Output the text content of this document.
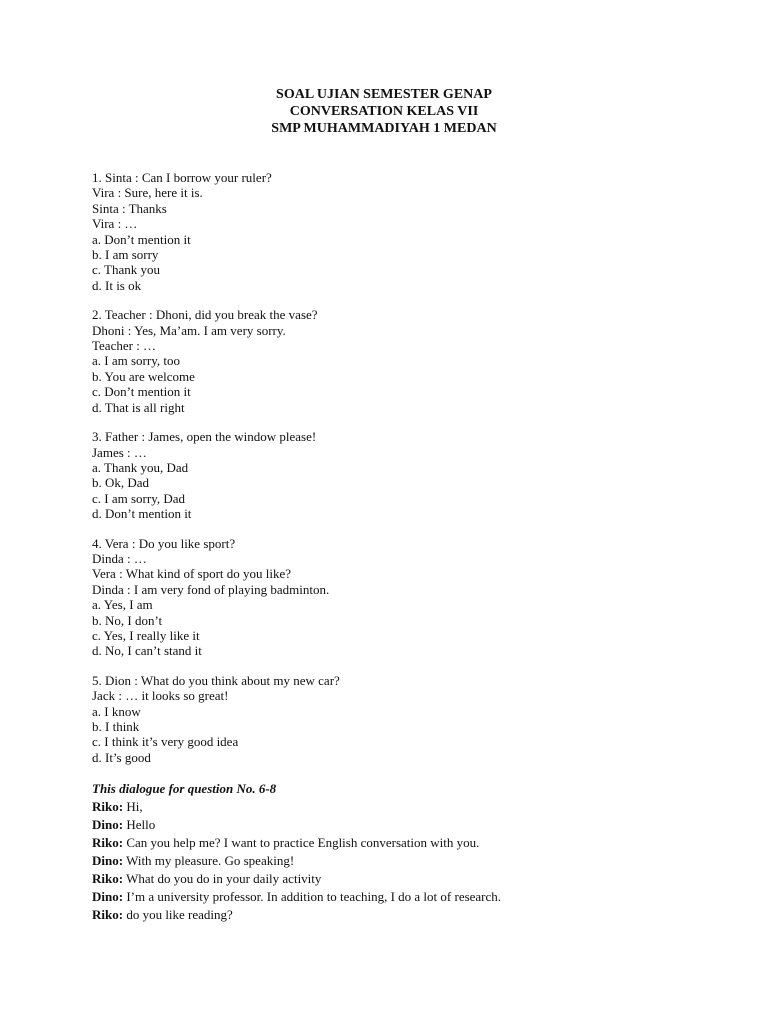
SOAL UJIAN SEMESTER GENAP
CONVERSATION KELAS VII
SMP MUHAMMADIYAH 1 MEDAN
1. Sinta : Can I borrow your ruler?
Vira : Sure, here it is.
Sinta : Thanks
Vira : …
a. Don’t mention it
b. I am sorry
c. Thank you
d. It is ok
2. Teacher : Dhoni, did you break the vase?
Dhoni : Yes, Ma’am. I am very sorry.
Teacher : …
a. I am sorry, too
b. You are welcome
c. Don’t mention it
d. That is all right
3. Father : James, open the window please!
James : …
a. Thank you, Dad
b. Ok, Dad
c. I am sorry, Dad
d. Don’t mention it
4. Vera : Do you like sport?
Dinda : …
Vera : What kind of sport do you like?
Dinda : I am very fond of playing badminton.
a. Yes, I am
b. No, I don’t
c. Yes, I really like it
d. No, I can’t stand it
5. Dion : What do you think about my new car?
Jack : … it looks so great!
a. I know
b. I think
c. I think it’s very good idea
d. It’s good
This dialogue for question No. 6-8
Riko: Hi,
Dino: Hello
Riko: Can you help me? I want to practice English conversation with you.
Dino: With my pleasure. Go speaking!
Riko: What do you do in your daily activity
Dino: I’m a university professor. In addition to teaching, I do a lot of research.
Riko: do you like reading?
